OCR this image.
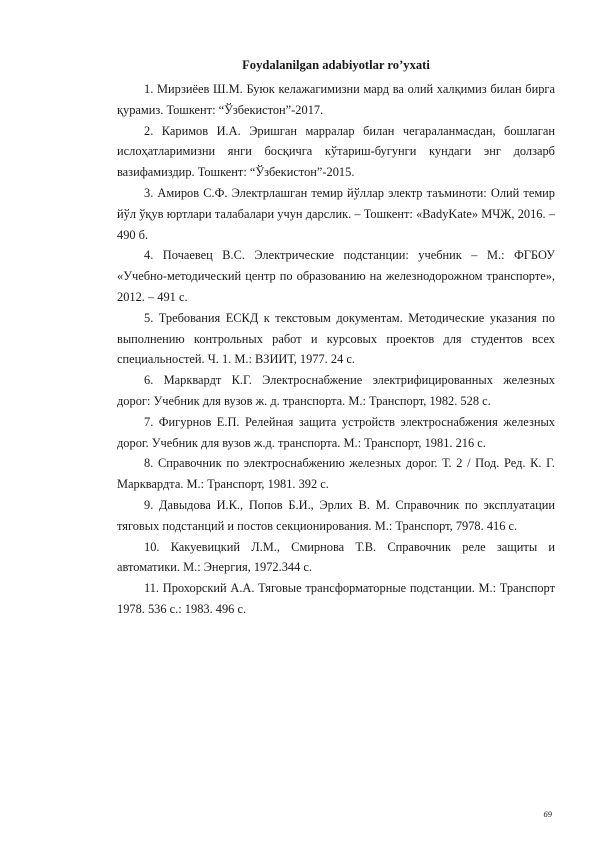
Foydalanilgan adabiyotlar ro’yxati
1. Мирзиёев Ш.М. Буюк келажагимизни мард ва олий халқимиз билан бирга қурамиз. Тошкент: “Ўзбекистон”-2017.
2. Каримов И.А. Эришган марралар билан чегараланмасдан, бошлаган ислоҳатларимизни янги босқичга кўтариш-бугунги кундаги энг долзарб вазифамиздир. Тошкент: “Ўзбекистон”-2015.
3. Амиров С.Ф. Электрлашган темир йўллар электр таъминоти: Олий темир йўл ўқув юртлари талабалари учун дарслик. – Тошкент: «BadyKate» МЧЖ, 2016. – 490 б.
4. Почаевец В.С. Электрические подстанции: учебник – М.: ФГБОУ «Учебно-методический центр по образованию на железнодорожном транспорте», 2012. – 491 с.
5. Требования ЕСКД к текстовым документам. Методические указания по выполнению контрольных работ и курсовых проектов для студентов всех специальностей. Ч. 1. М.: ВЗИИТ, 1977. 24 с.
6. Марквардт К.Г. Электроснабжение электрифицированных железных дорог: Учебник для вузов ж. д. транспорта. М.: Транспорт, 1982. 528 с.
7. Фигурнов Е.П. Релейная защита устройств электроснабжения железных дорог. Учебник для вузов ж.д. транспорта. М.: Транспорт, 1981. 216 с.
8. Справочник по электроснабжению железных дорог. Т. 2 / Под. Ред. К. Г. Марквардта. М.: Транспорт, 1981. 392 с.
9. Давыдова И.К., Попов Б.И., Эрлих В. М. Справочник по эксплуатации тяговых подстанций и постов секционирования. М.: Транспорт, 7978. 416 с.
10. Какуевицкий Л.М., Смирнова Т.В. Справочник реле защиты и автоматики. М.: Энергия, 1972.344 с.
11. Прохорский А.А. Тяговые трансформаторные подстанции. М.: Транспорт 1978. 536 с.: 1983. 496 с.
69
